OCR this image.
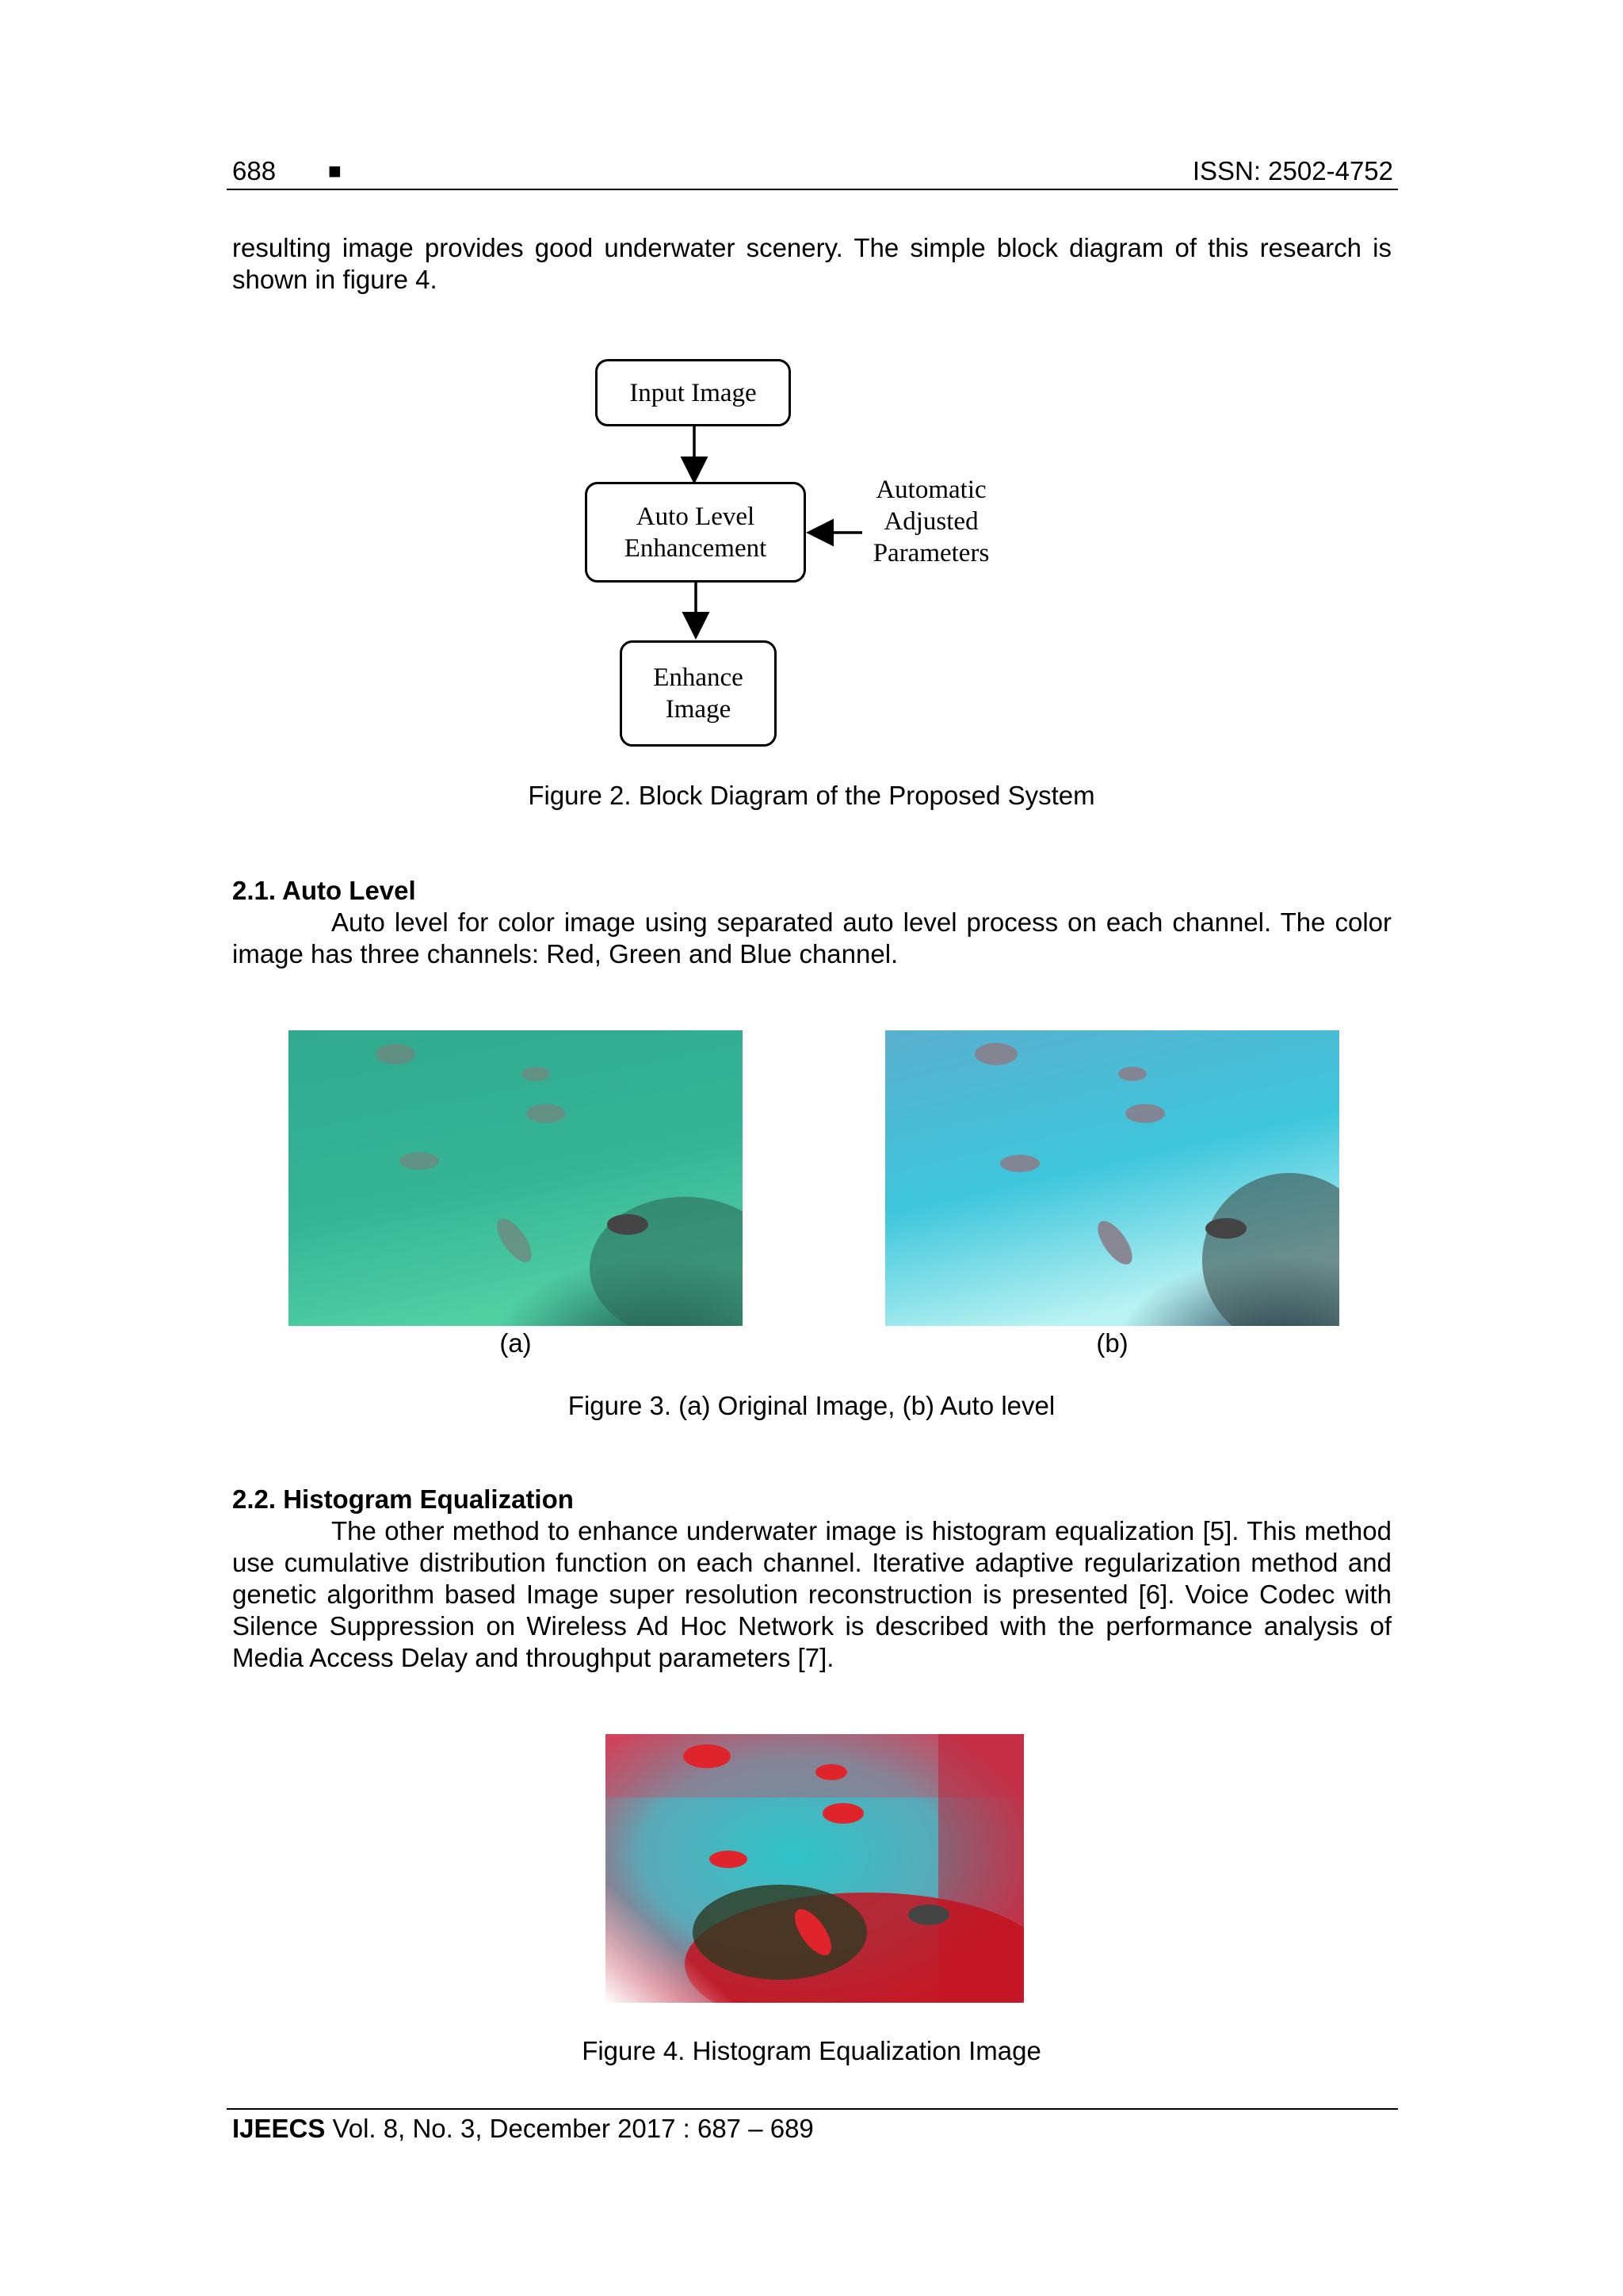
688 ■	ISSN: 2502-4752
resulting image provides good underwater scenery. The simple block diagram of this research is shown in figure 4.
Input Image
Auto Level
Enhancement
Enhance
Image
Automatic
Adjusted
Parameters
Figure 2. Block Diagram of the Proposed System
2.1. Auto Level
Auto level for color image using separated auto level process on each channel. The color image has three channels: Red, Green and Blue channel.
(a)	(b)
Figure 3. (a) Original Image, (b) Auto level
2.2. Histogram Equalization
The other method to enhance underwater image is histogram equalization [5]. This method use cumulative distribution function on each channel. Iterative adaptive regularization method and genetic algorithm based Image super resolution reconstruction is presented [6]. Voice Codec with Silence Suppression on Wireless Ad Hoc Network is described with the performance analysis of Media Access Delay and throughput parameters [7].
Figure 4. Histogram Equalization Image
IJEECS Vol. 8, No. 3, December 2017 : 687 – 689
